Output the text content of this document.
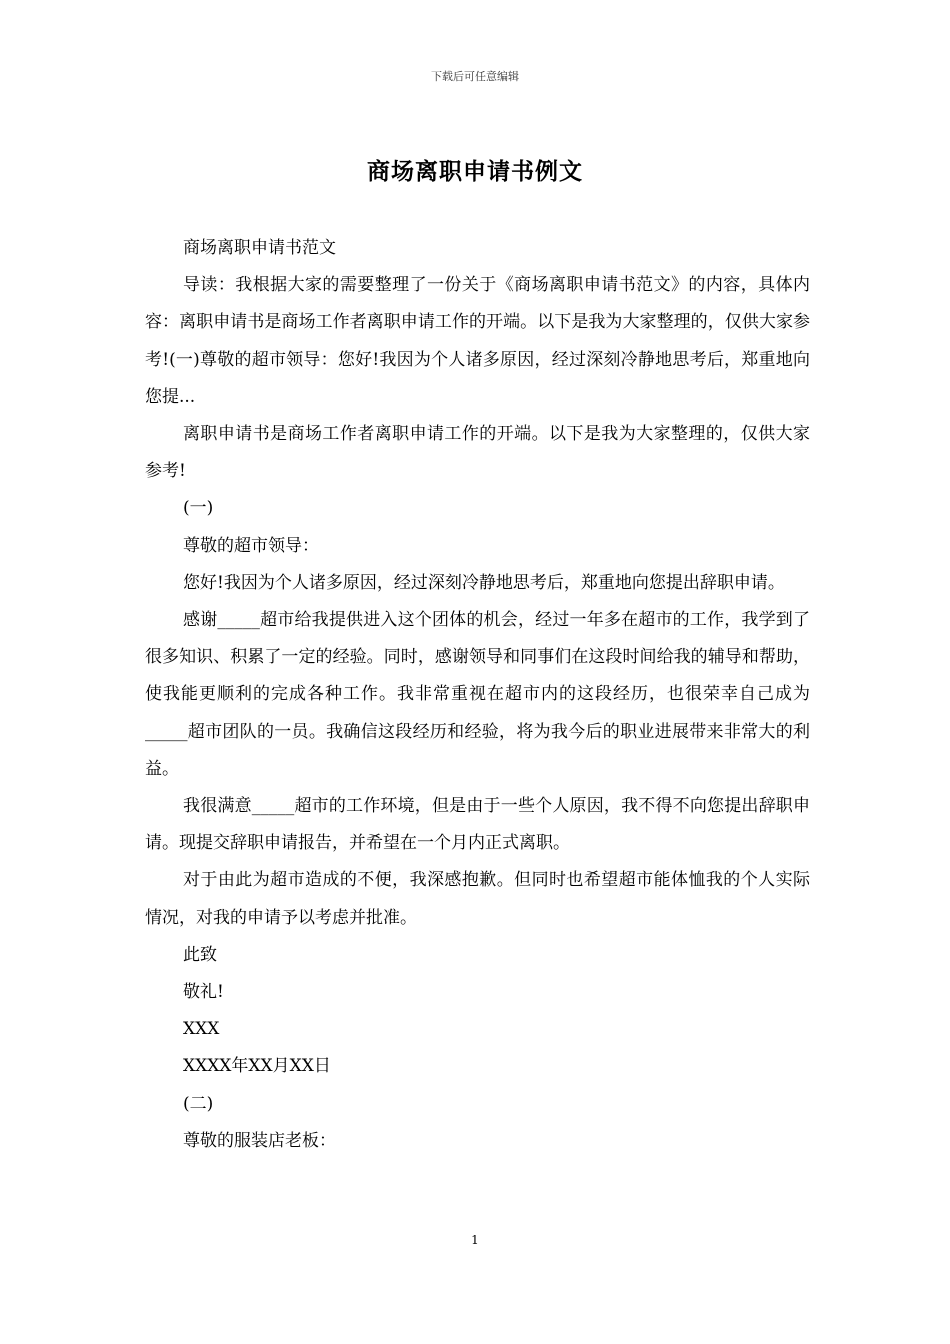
下载后可任意编辑
商场离职申请书例文

商场离职申请书范文

导读：我根据大家的需要整理了一份关于《商场离职申请书范文》的内容，具体内容：离职申请书是商场工作者离职申请工作的开端。以下是我为大家整理的，仅供大家参考!(一)尊敬的超市领导：您好!我因为个人诸多原因，经过深刻冷静地思考后，郑重地向您提...

离职申请书是商场工作者离职申请工作的开端。以下是我为大家整理的，仅供大家参考!

(一)

尊敬的超市领导：

您好!我因为个人诸多原因，经过深刻冷静地思考后，郑重地向您提出辞职申请。

感谢_____超市给我提供进入这个团体的机会，经过一年多在超市的工作，我学到了很多知识、积累了一定的经验。同时，感谢领导和同事们在这段时间给我的辅导和帮助，使我能更顺利的完成各种工作。我非常重视在超市内的这段经历，也很荣幸自己成为_____超市团队的一员。我确信这段经历和经验，将为我今后的职业进展带来非常大的利益。

我很满意_____超市的工作环境，但是由于一些个人原因，我不得不向您提出辞职申请。现提交辞职申请报告，并希望在一个月内正式离职。

对于由此为超市造成的不便，我深感抱歉。但同时也希望超市能体恤我的个人实际情况，对我的申请予以考虑并批准。

此致

敬礼!

XXX

XXXX年XX月XX日

(二)

尊敬的服装店老板：

1
